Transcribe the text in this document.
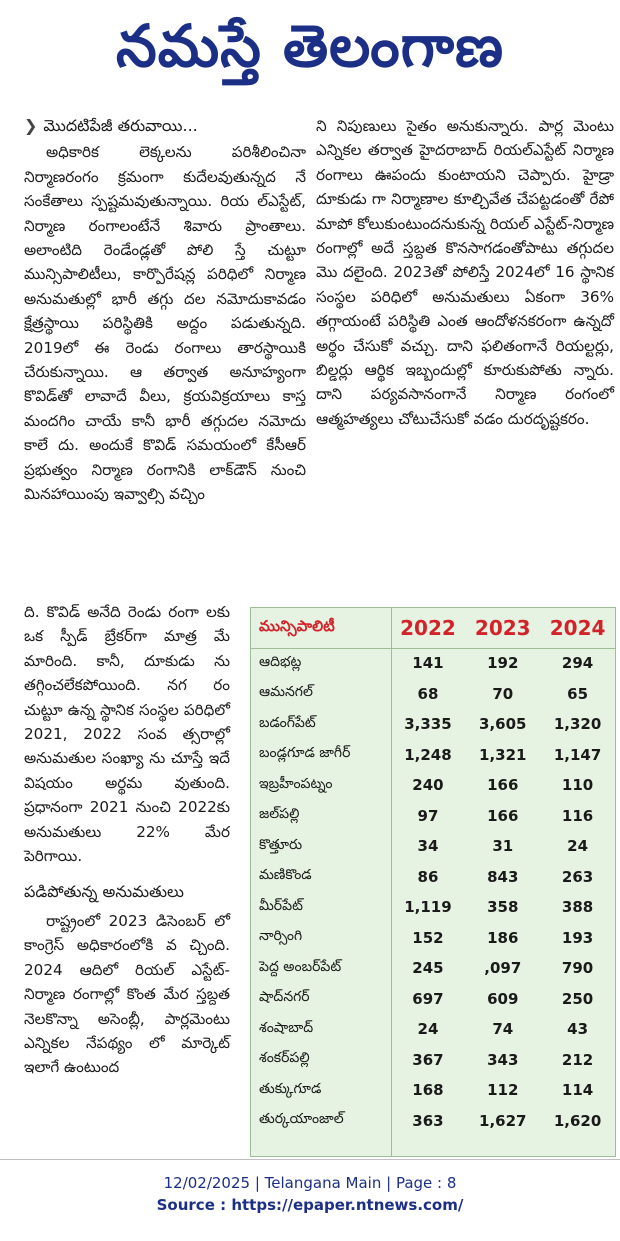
నమస్తే తెలంగాణ
❯ మొదటిపేజీ తరువాయి...

అధికారిక లెక్కలను పరిశీలించినా నిర్మాణరంగం క్రమంగా కుదేలవుతున్నద నే సంకేతాలు స్పష్టమవుతున్నాయి. రియ ల్‌ఎస్టేట్, నిర్మాణ రంగాలంటేనే శివారు ప్రాంతాలు. అలాంటిది రెండేండ్లతో పోలి స్తే చుట్టూ మున్సిపాలిటీలు, కార్పొరేషన్ల పరిధిలో నిర్మాణ అనుమతుల్లో భారీ తగ్గు దల నమోదుకావడం క్షేత్రస్థాయి పరిస్థితికి అద్దం పడుతున్నది. 2019లో ఈ రెండు రంగాలు తారస్థాయికి చేరుకున్నాయి. ఆ తర్వాత అనూహ్యంగా కొవిడ్‌తో లావాదే వీలు, క్రయవిక్రయాలు కాస్త మందగిం చాయే కానీ భారీ తగ్గుదల నమోదు కాలే దు. అందుకే కొవిడ్ సమయంలో కేసీఆర్ ప్రభుత్వం నిర్మాణ రంగానికి లాక్‌డౌన్ నుంచి మినహాయింపు ఇవ్వాల్సి వచ్చిం

ది. కొవిడ్ అనేది రెండు రంగా లకు ఒక స్పీడ్ బ్రేకర్‌గా మాత్ర మే మారింది. కానీ, దూకుడు ను తగ్గించలేకపోయింది. నగ రం చుట్టూ ఉన్న స్థానిక సంస్థల పరిధిలో 2021, 2022 సంవ త్సరాల్లో అనుమతుల సంఖ్యా ను చూస్తే ఇదే విషయం అర్థమ వుతుంది. ప్రధానంగా 2021 నుంచి 2022కు అనుమతులు 22% మేర పెరిగాయి.

పడిపోతున్న అనుమతులు

రాష్ట్రంలో 2023 డిసెంబర్ లో కాంగ్రెస్ అధికారంలోకి వ చ్చింది. 2024 ఆదిలో రియల్ ఎస్టేట్-నిర్మాణ రంగాల్లో కొంత మేర స్తబ్దత నెలకొన్నా అసెంబ్లీ, పార్లమెంటు ఎన్నికల నేపథ్యం లో మార్కెట్ ఇలాగే ఉంటుంద

ని నిపుణులు సైతం అనుకున్నారు. పార్ల మెంటు ఎన్నికల తర్వాత హైదరాబాద్ రియల్‌ఎస్టేట్ నిర్మాణ రంగాలు ఊపందు కుంటాయని చెప్పారు. హైడ్రా దూకుడు గా నిర్మాణాల కూల్చివేత చేపట్టడంతో రేపో మాపో కోలుకుంటుందనుకున్న రియల్ ఎస్టేట్-నిర్మాణ రంగాల్లో అదే స్తబ్దత కొనసాగడంతోపాటు తగ్గుదల మొ దలైంది. 2023తో పోలిస్తే 2024లో 16 స్థానిక సంస్థల పరిధిలో అనుమతులు ఏకంగా 36% తగ్గాయంటే పరిస్థితి ఎంత ఆందోళనకరంగా ఉన్నదో అర్థం చేసుకో వచ్చు. దాని ఫలితంగానే రియల్టర్లు, బిల్డర్లు ఆర్థిక ఇబ్బందుల్లో కూరుకుపోతు న్నారు. దాని పర్యవసానంగానే నిర్మాణ రంగంలో ఆత్మహత్యలు చోటుచేసుకో వడం దురదృష్టకరం.

మున్సిపాలిటీ	2022	2023	2024
ఆదిభట్ల	141	192	294
ఆమనగల్	68	70	65
బడంగ్‌పేట్	3,335	3,605	1,320
బండ్లగూడ జాగీర్	1,248	1,321	1,147
ఇబ్రహీంపట్నం	240	166	110
జల్‌పల్లి	97	166	116
కొత్తూరు	34	31	24
మణికొండ	86	843	263
మీర్‌పేట్	1,119	358	388
నార్సింగి	152	186	193
పెద్ద అంబర్‌పేట్	245	,097	790
షాద్‌నగర్	697	609	250
శంషాబాద్	24	74	43
శంకర్‌పల్లి	367	343	212
తుక్కుగూడ	168	112	114
తుర్కయాంజాల్	363	1,627	1,620
12/02/2025 | Telangana Main | Page : 8
Source : https://epaper.ntnews.com/
